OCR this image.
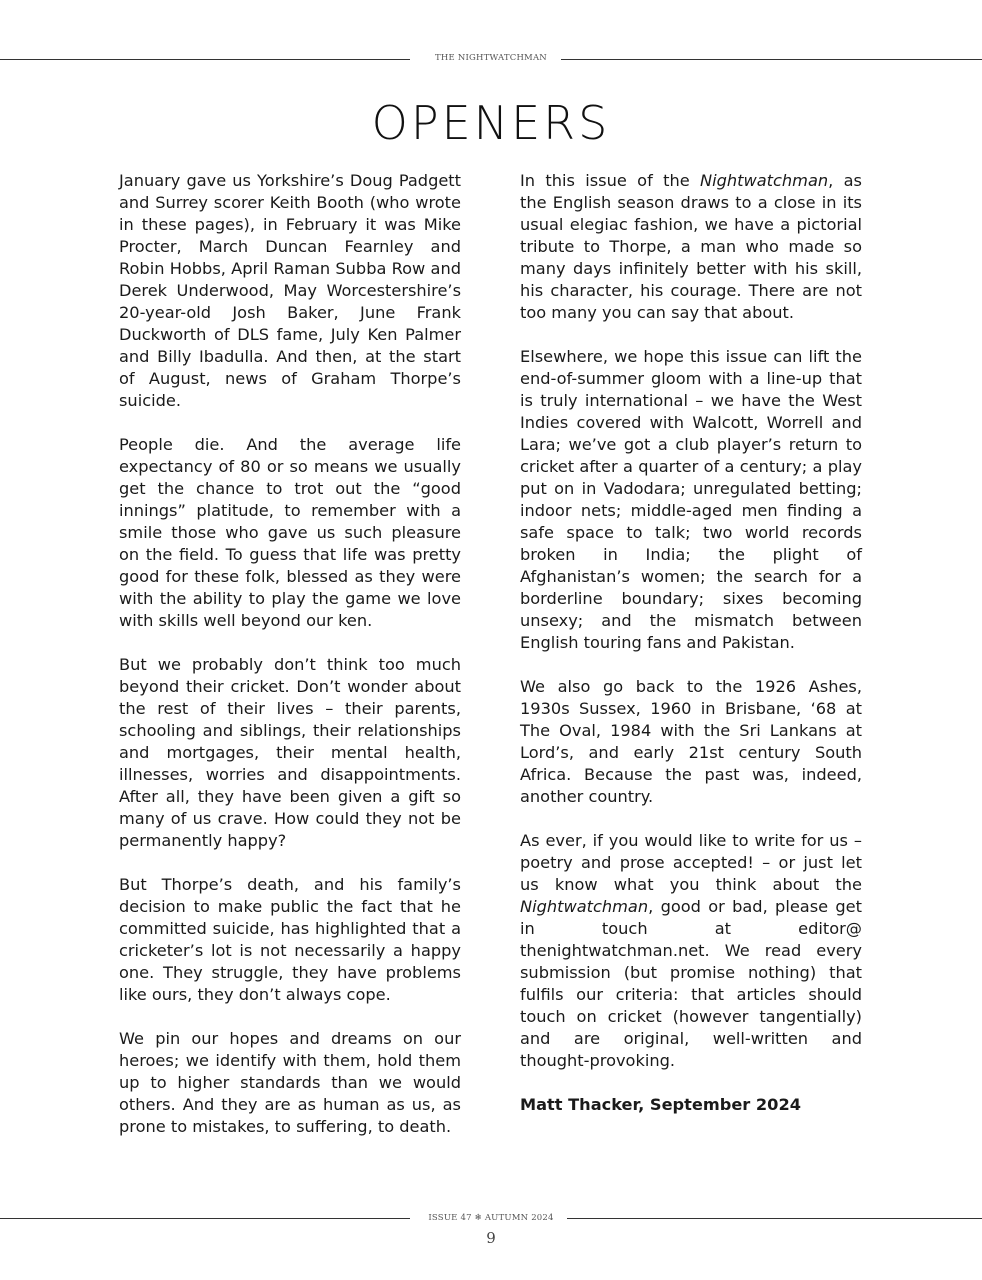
THE NIGHTWATCHMAN
OPENERS

January gave us Yorkshire’s Doug Padgett and Surrey scorer Keith Booth (who wrote in these pages), in February it was Mike Procter, March Duncan Fearnley and Robin Hobbs, April Raman Subba Row and Derek Underwood, May Worcestershire’s 20-year-old Josh Baker, June Frank Duckworth of DLS fame, July Ken Palmer and Billy Ibadulla. And then, at the start of August, news of Graham Thorpe’s suicide.

People die. And the average life expectancy of 80 or so means we usually get the chance to trot out the “good innings” platitude, to remember with a smile those who gave us such pleasure on the field. To guess that life was pretty good for these folk, blessed as they were with the ability to play the game we love with skills well beyond our ken.

But we probably don’t think too much beyond their cricket. Don’t wonder about the rest of their lives – their parents, schooling and siblings, their relationships and mortgages, their mental health, illnesses, worries and disappointments. After all, they have been given a gift so many of us crave. How could they not be permanently happy?

But Thorpe’s death, and his family’s decision to make public the fact that he committed suicide, has highlighted that a cricketer’s lot is not necessarily a happy one. They struggle, they have problems like ours, they don’t always cope.

We pin our hopes and dreams on our heroes; we identify with them, hold them up to higher standards than we would others. And they are as human as us, as prone to mistakes, to suffering, to death.

In this issue of the Nightwatchman, as the English season draws to a close in its usual elegiac fashion, we have a pictorial tribute to Thorpe, a man who made so many days infinitely better with his skill, his character, his courage. There are not too many you can say that about.

Elsewhere, we hope this issue can lift the end-of-summer gloom with a line-up that is truly international – we have the West Indies covered with Walcott, Worrell and Lara; we’ve got a club player’s return to cricket after a quarter of a century; a play put on in Vadodara; unregulated betting; indoor nets; middle-aged men finding a safe space to talk; two world records broken in India; the plight of Afghanistan’s women; the search for a borderline boundary; sixes becoming unsexy; and the mismatch between English touring fans and Pakistan.

We also go back to the 1926 Ashes, 1930s Sussex, 1960 in Brisbane, ‘68 at The Oval, 1984 with the Sri Lankans at Lord’s, and early 21st century South Africa. Because the past was, indeed, another country.

As ever, if you would like to write for us – poetry and prose accepted! – or just let us know what you think about the Nightwatchman, good or bad, please get in touch at editor@ thenightwatchman.net. We read every submission (but promise nothing) that fulfils our criteria: that articles should touch on cricket (however tangentially) and are original, well-written and thought-provoking.

Matt Thacker, September 2024

ISSUE 47 ❄ AUTUMN 2024
9
